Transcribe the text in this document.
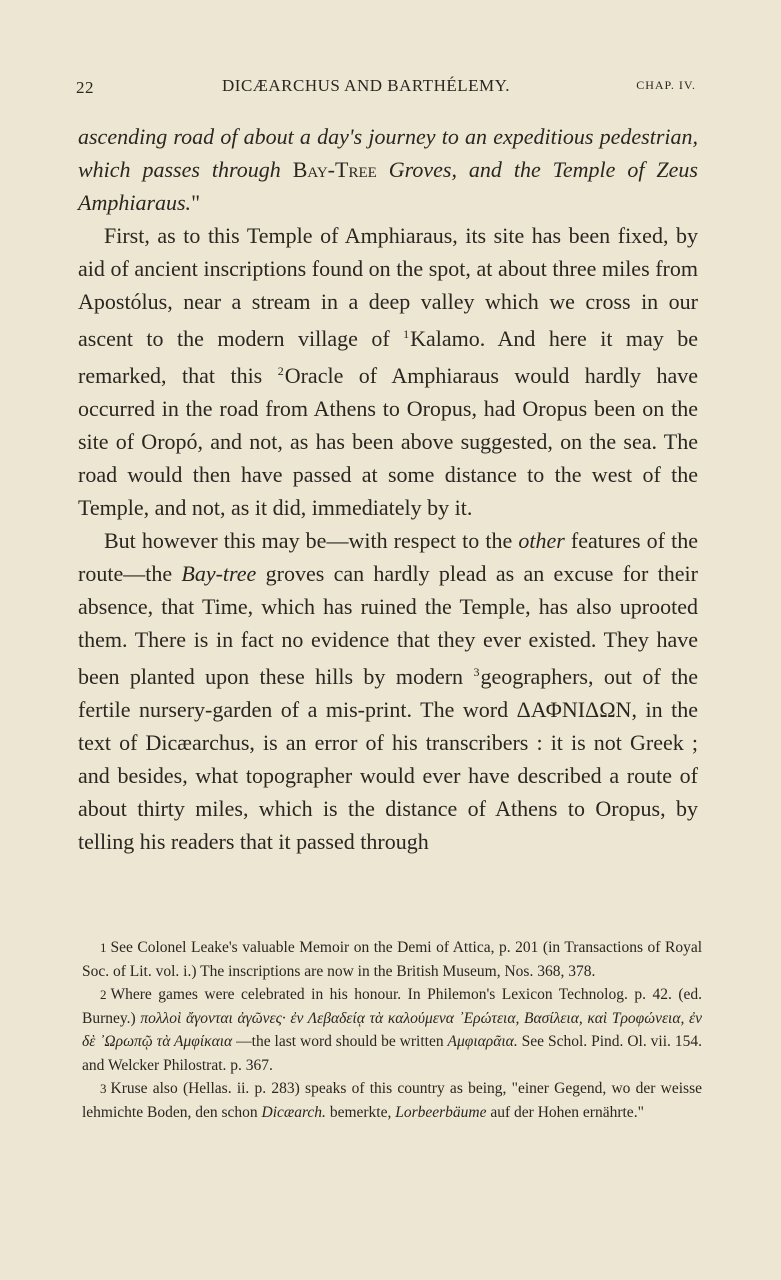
22	DICÆARCHUS AND BARTHÉLEMY.	CHAP. IV.

ascending road of about a day's journey to an expeditious pedestrian, which passes through Bay-Tree Groves, and the Temple of Zeus Amphiaraus."

First, as to this Temple of Amphiaraus, its site has been fixed, by aid of ancient inscriptions found on the spot, at about three miles from Apostólus, near a stream in a deep valley which we cross in our ascent to the modern village of $^1$Kalamo. And here it may be remarked, that this $^2$Oracle of Amphiaraus would hardly have occurred in the road from Athens to Oropus, had Oropus been on the site of Oropó, and not, as has been above suggested, on the sea. The road would then have passed at some distance to the west of the Temple, and not, as it did, immediately by it.

But however this may be—with respect to the other features of the route—the Bay-tree groves can hardly plead as an excuse for their absence, that Time, which has ruined the Temple, has also uprooted them. There is in fact no evidence that they ever existed. They have been planted upon these hills by modern $^3$geographers, out of the fertile nursery-garden of a mis-print. The word ΔΑΦΝΙΔΩΝ, in the text of Dicæarchus, is an error of his transcribers : it is not Greek ; and besides, what topographer would ever have described a route of about thirty miles, which is the distance of Athens to Oropus, by telling his readers that it passed through

1 See Colonel Leake's valuable Memoir on the Demi of Attica, p. 201 (in Transactions of Royal Soc. of Lit. vol. i.) The inscriptions are now in the British Museum, Nos. 368, 378.

2 Where games were celebrated in his honour. In Philemon's Lexicon Technolog. p. 42. (ed. Burney.) πολλοὶ ἄγονται ἀγῶνες· ἐν Λεβαδείᾳ τὰ καλούμενα ᾽Ερώτεια, Βασίλεια, καὶ Τροφώνεια, ἐν δὲ ᾽Ωρωπῷ τὰ Αμφίκαια —the last word should be written Αμφιαρᾶια. See Schol. Pind. Ol. vii. 154. and Welcker Philostrat. p. 367.

3 Kruse also (Hellas. ii. p. 283) speaks of this country as being, "einer Gegend, wo der weisse lehmichte Boden, den schon Dicæarch. bemerkte, Lorbeerbäume auf der Hohen ernährte."
